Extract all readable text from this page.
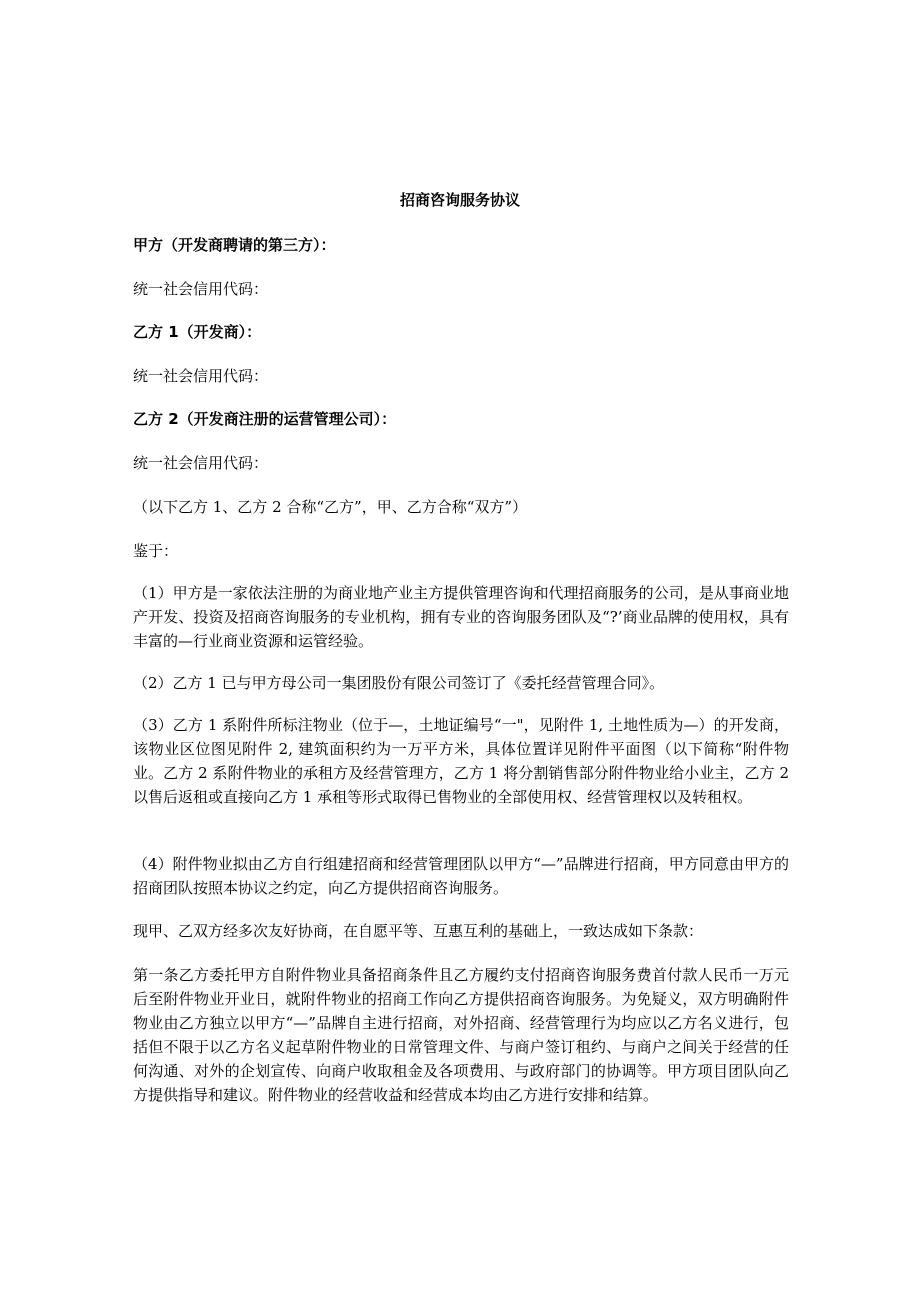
招商咨询服务协议
甲方（开发商聘请的第三方）：
统一社会信用代码：
乙方 1（开发商）：
统一社会信用代码：
乙方 2（开发商注册的运营管理公司）：
统一社会信用代码：
（以下乙方 1、乙方 2 合称“乙方”，甲、乙方合称“双方”）
鉴于：
（1）甲方是一家依法注册的为商业地产业主方提供管理咨询和代理招商服务的公司，是从事商业地产开发、投资及招商咨询服务的专业机构，拥有专业的咨询服务团队及“?’商业品牌的使用权，具有丰富的—行业商业资源和运管经验。
（2）乙方 1 已与甲方母公司一集团股份有限公司签订了《委托经营管理合同》。
（3）乙方 1 系附件所标注物业（位于—，土地证编号“一"，见附件 1, 土地性质为—）的开发商，该物业区位图见附件 2, 建筑面积约为一万平方米，具体位置详见附件平面图（以下简称“附件物业。乙方 2 系附件物业的承租方及经营管理方，乙方 1 将分割销售部分附件物业给小业主，乙方 2 以售后返租或直接向乙方 1 承租等形式取得已售物业的全部使用权、经营管理权以及转租权。
（4）附件物业拟由乙方自行组建招商和经营管理团队以甲方“—”品牌进行招商，甲方同意由甲方的招商团队按照本协议之约定，向乙方提供招商咨询服务。
现甲、乙双方经多次友好协商，在自愿平等、互惠互利的基础上，一致达成如下条款：
第一条乙方委托甲方自附件物业具备招商条件且乙方履约支付招商咨询服务费首付款人民币一万元后至附件物业开业日，就附件物业的招商工作向乙方提供招商咨询服务。为免疑义，双方明确附件物业由乙方独立以甲方“—”品牌自主进行招商，对外招商、经营管理行为均应以乙方名义进行，包括但不限于以乙方名义起草附件物业的日常管理文件、与商户签订租约、与商户之间关于经营的任何沟通、对外的企划宣传、向商户收取租金及各项费用、与政府部门的协调等。甲方项目团队向乙方提供指导和建议。附件物业的经营收益和经营成本均由乙方进行安排和结算。
